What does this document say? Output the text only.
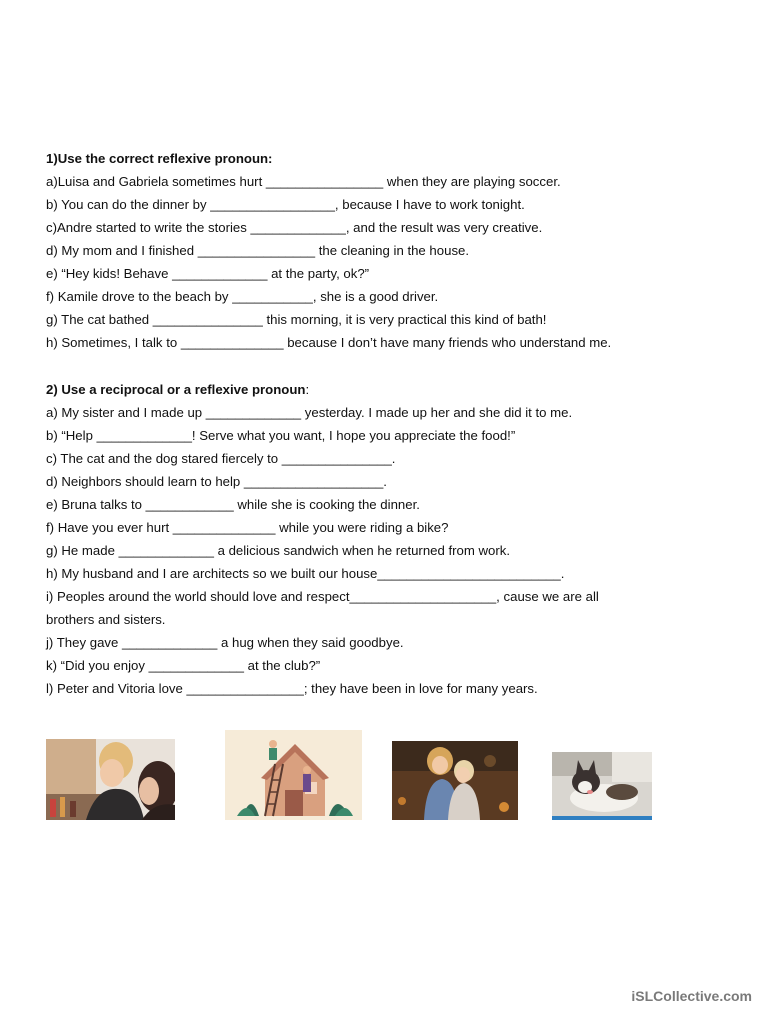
1)Use the correct reflexive pronoun:
a)Luisa and Gabriela sometimes hurt ________________ when they are playing soccer.
b) You can do the dinner by _________________, because I have to work tonight.
c)Andre started to write the stories _____________, and the result was very creative.
d) My mom and I finished ________________ the cleaning in the house.
e) “Hey kids! Behave _____________ at the party, ok?”
f) Kamile drove to the beach by ___________, she is a good driver.
g) The cat bathed _______________ this morning, it is very practical this kind of bath!
h) Sometimes, I talk to ______________ because I don’t have many friends who understand me.
2) Use a reciprocal or a reflexive pronoun:
a) My sister and I made up _____________ yesterday. I made up her and she did it to me.
b) “Help _____________! Serve what you want, I hope you appreciate the food!”
c) The cat and the dog stared fiercely to _______________.
d) Neighbors should learn to help ___________________.
e) Bruna talks to ____________ while she is cooking the dinner.
f) Have you ever hurt ______________ while you were riding a bike?
g) He made _____________ a delicious sandwich when he returned from work.
h) My husband and I are architects so we built our house_________________________.
i) Peoples around the world should love and respect____________________, cause we are all
brothers and sisters.
j) They gave _____________ a hug when they said goodbye.
k) “Did you enjoy _____________ at the club?”
l) Peter and Vitoria love ________________; they have been in love for many years.
iSLCollective.com
